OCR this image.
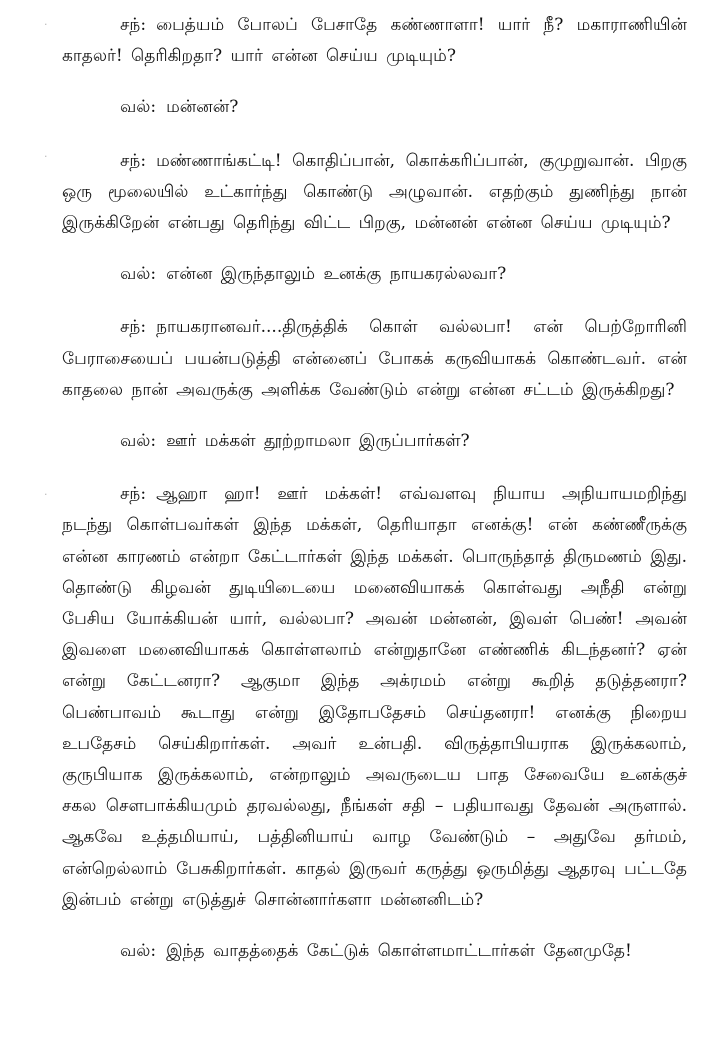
·
·
·

சந்: பைத்யம் போலப் பேசாதே கண்ணாளா! யார் நீ? மகாராணியின் காதலர்! தெரிகிறதா? யார் என்ன செய்ய முடியும்?

வல்: மன்னன்?

சந்: மண்ணாங்கட்டி! கொதிப்பான், கொக்கரிப்பான், குமுறுவான். பிறகு ஒரு மூலையில் உட்கார்ந்து கொண்டு அழுவான். எதற்கும் துணிந்து நான் இருக்கிறேன் என்பது தெரிந்து விட்ட பிறகு, மன்னன் என்ன செய்ய முடியும்?

வல்: என்ன இருந்தாலும் உனக்கு நாயகரல்லவா?

சந்: நாயகரானவர்....திருத்திக் கொள் வல்லபா! என் பெற்றோரினி பேராசையைப் பயன்படுத்தி என்னைப் போகக் கருவியாகக் கொண்டவர். என் காதலை நான் அவருக்கு அளிக்க வேண்டும் என்று என்ன சட்டம் இருக்கிறது?

வல்: ஊர் மக்கள் தூற்றாமலா இருப்பார்கள்?

சந்: ஆஹா ஹா! ஊர் மக்கள்! எவ்வளவு நியாய அநியாயமறிந்து நடந்து கொள்பவர்கள் இந்த மக்கள், தெரியாதா எனக்கு! என் கண்ணீருக்கு என்ன காரணம் என்றா கேட்டார்கள் இந்த மக்கள். பொருந்தாத் திருமணம் இது. தொண்டு கிழவன் துடியிடையை மனைவியாகக் கொள்வது அநீதி என்று பேசிய யோக்கியன் யார், வல்லபா? அவன் மன்னன், இவள் பெண்! அவன் இவளை மனைவியாகக் கொள்ளலாம் என்றுதானே எண்ணிக் கிடந்தனர்? ஏன் என்று கேட்டனரா? ஆகுமா இந்த அக்ரமம் என்று கூறித் தடுத்தனரா? பெண்பாவம் கூடாது என்று இதோபதேசம் செய்தனரா! எனக்கு நிறைய உபதேசம் செய்கிறார்கள். அவர் உன்பதி. விருத்தாபியராக இருக்கலாம், குருபியாக இருக்கலாம், என்றாலும் அவருடைய பாத சேவையே உனக்குச் சகல சௌபாக்கியமும் தரவல்லது, நீங்கள் சதி – பதியாவது தேவன் அருளால். ஆகவே உத்தமியாய், பத்தினியாய் வாழ வேண்டும் – அதுவே தர்மம், என்றெல்லாம் பேசுகிறார்கள். காதல் இருவர் கருத்து ஒருமித்து ஆதரவு பட்டதே இன்பம் என்று எடுத்துச் சொன்னார்களா மன்னனிடம்?

வல்: இந்த வாதத்தைக் கேட்டுக் கொள்ளமாட்டார்கள் தேனமுதே!
